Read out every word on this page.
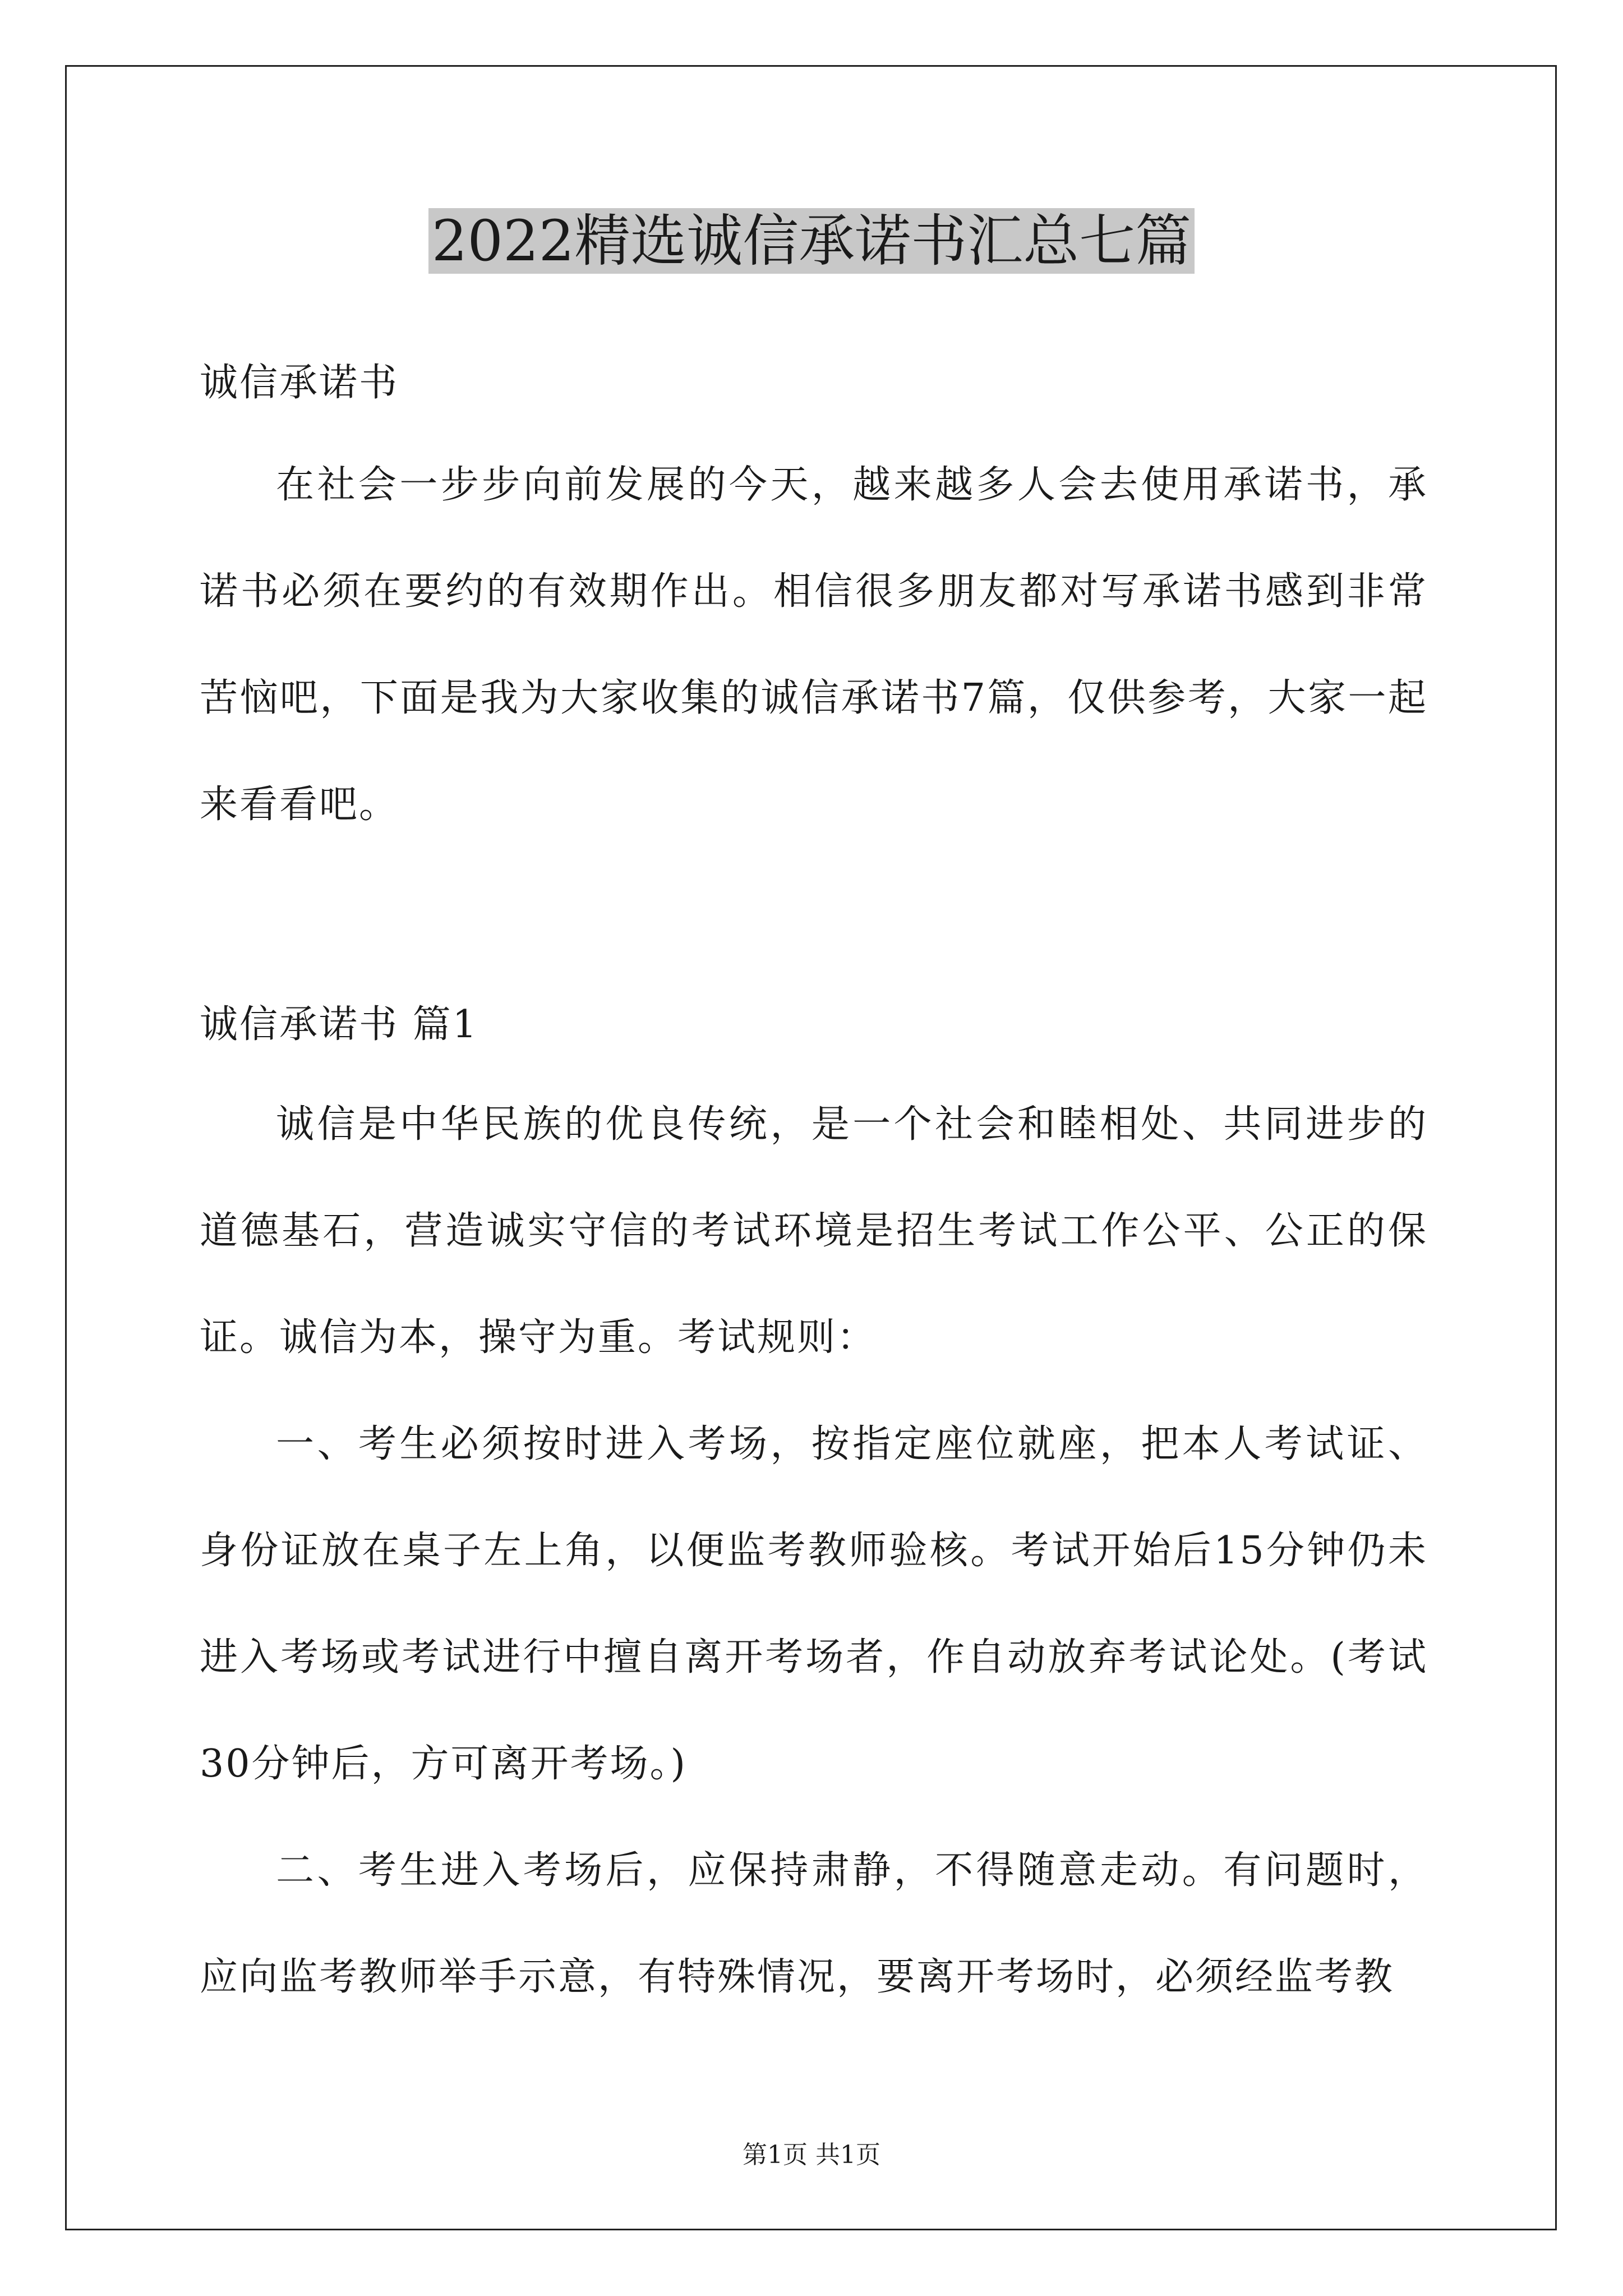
2022精选诚信承诺书汇总七篇
诚信承诺书
在社会一步步向前发展的今天，越来越多人会去使用承诺书，承诺书必须在要约的有效期作出。相信很多朋友都对写承诺书感到非常苦恼吧，下面是我为大家收集的诚信承诺书7篇，仅供参考，大家一起来看看吧。
诚信承诺书 篇1
诚信是中华民族的优良传统，是一个社会和睦相处、共同进步的道德基石，营造诚实守信的考试环境是招生考试工作公平、公正的保证。诚信为本，操守为重。考试规则：
一、考生必须按时进入考场，按指定座位就座，把本人考试证、身份证放在桌子左上角，以便监考教师验核。考试开始后15分钟仍未进入考场或考试进行中擅自离开考场者，作自动放弃考试论处。(考试30分钟后，方可离开考场。)
二、考生进入考场后，应保持肃静，不得随意走动。有问题时，应向监考教师举手示意，有特殊情况，要离开考场时，必须经监考教
第1页 共1页
